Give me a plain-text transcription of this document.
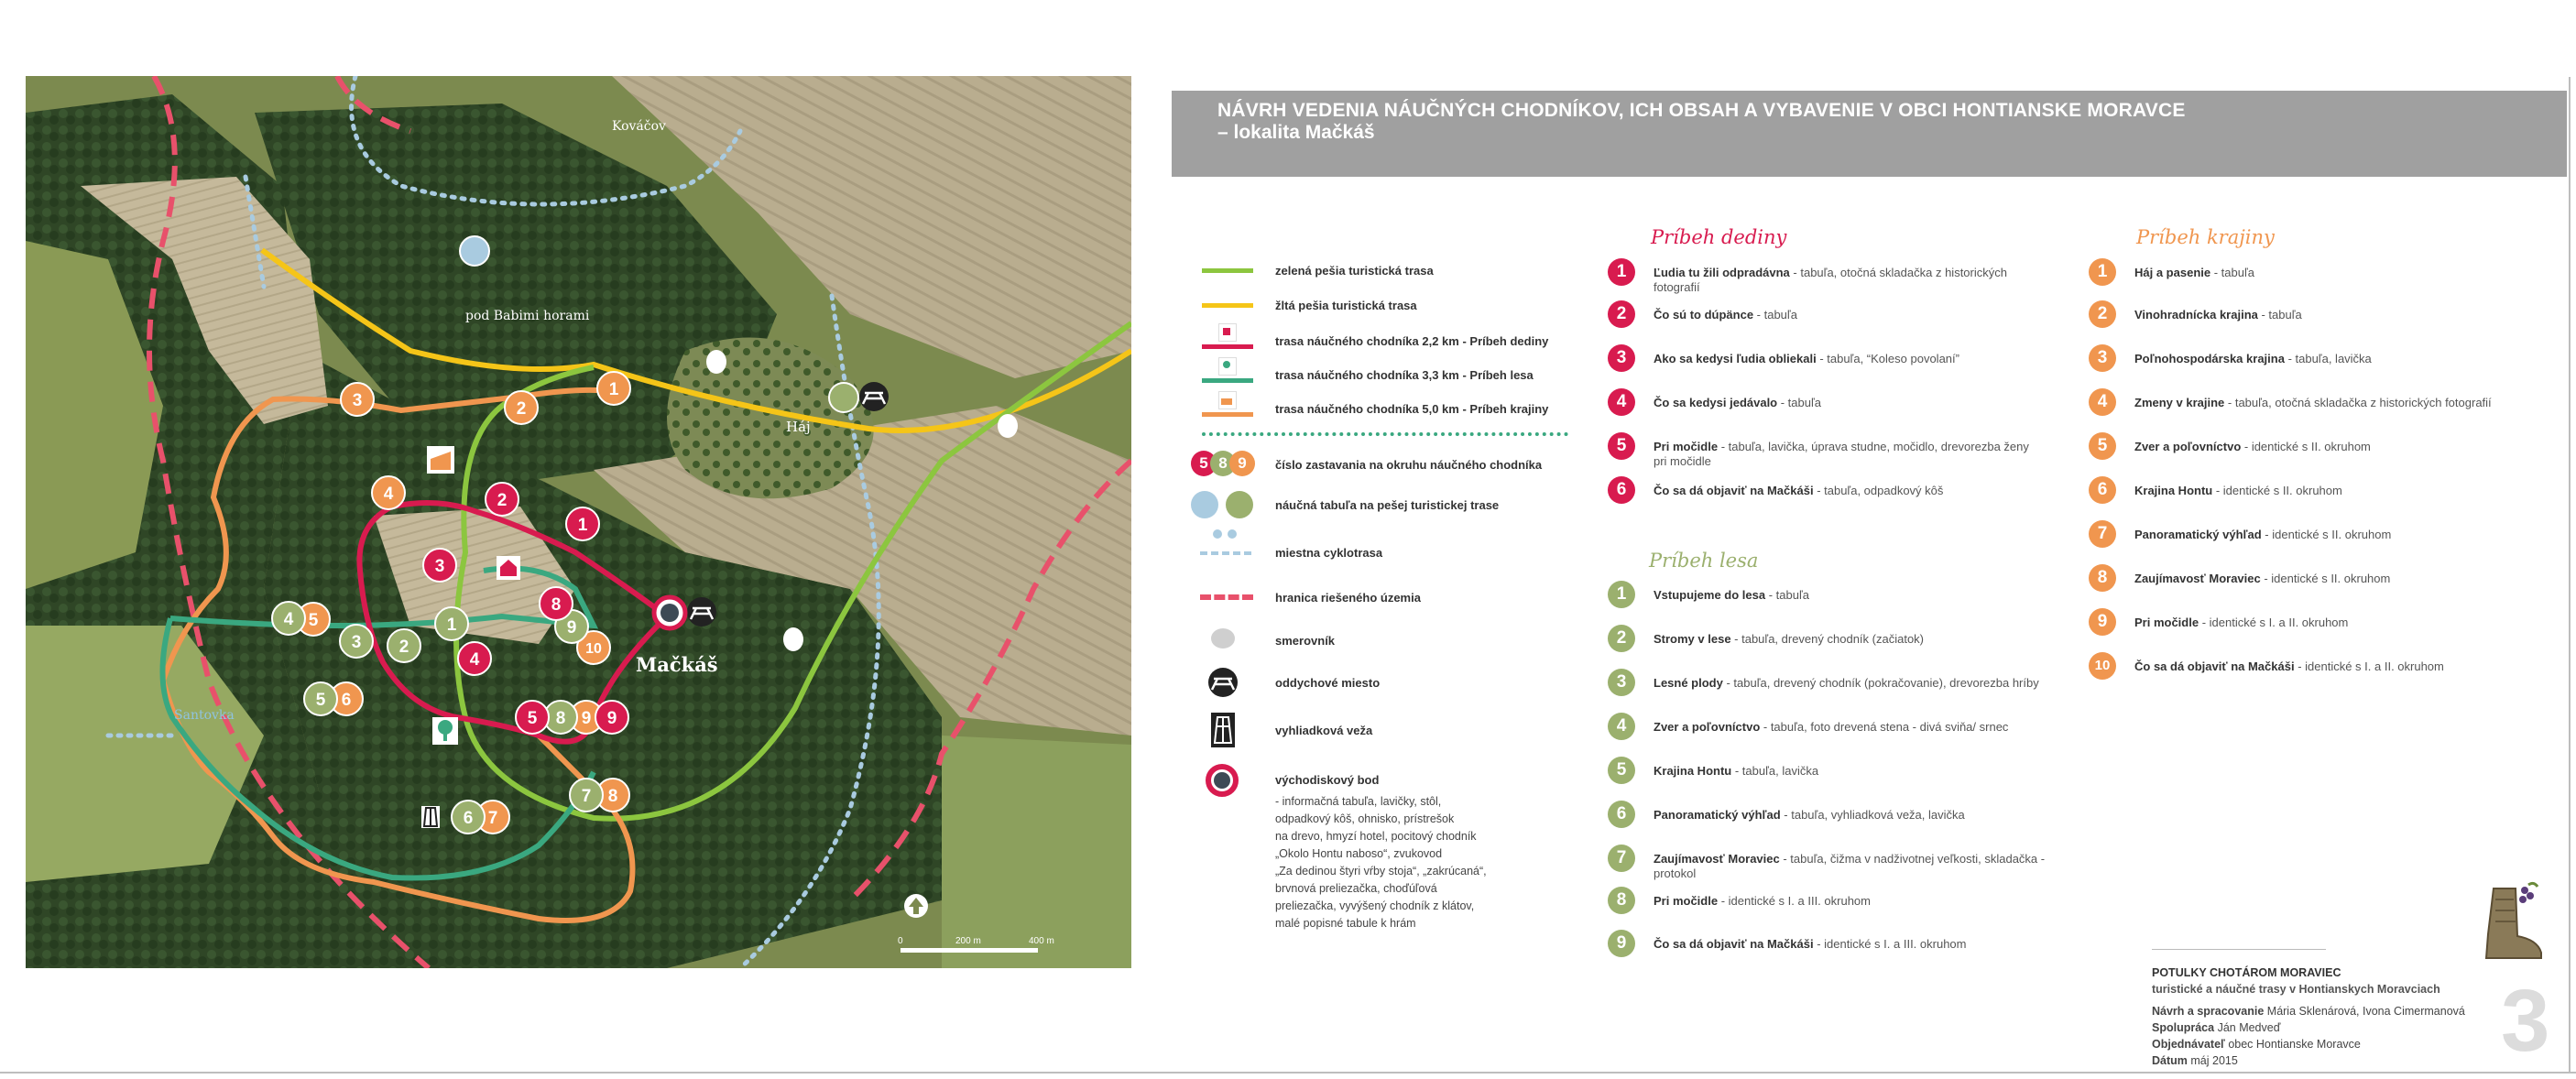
1
2
3
4
5
6
7
8
9
10
1
2
3
4
5
6
7
8
9
1
2
3
4
5
8
9
Kováčov
pod Babimi horami
Háj
Mačkáš
Santovka
0	200 m	400 m
NÁVRH VEDENIA NÁUČNÝCH CHODNÍKOV, ICH OBSAH A VYBAVENIE V OBCI HONTIANSKE MORAVCE
– lokalita Mačkáš
zelená pešia turistická trasa
žltá pešia turistická trasa
trasa náučného chodníka 2,2 km - Príbeh dediny
trasa náučného chodníka 3,3 km - Príbeh lesa
trasa náučného chodníka 5,0 km - Príbeh krajiny
5 8 9	číslo zastavania na okruhu náučného chodníka
náučná tabuľa na pešej turistickej trase
miestna cyklotrasa
hranica riešeného územia
smerovník
oddychové miesto
vyhliadková veža
východiskový bod
- informačná tabuľa, lavičky, stôl,
odpadkový kôš, ohnisko, prístrešok
na drevo, hmyzí hotel, pocitový chodník
„Okolo Hontu naboso“, zvukovod
„Za dedinou štyri vŕby stoja“, „zakrúcaná“,
brvnová preliezačka, choďúľová
preliezačka, vyvýšený chodník z klátov,
malé popisné tabule k hrám
Príbeh dediny
1	Ľudia tu žili odpradávna - tabuľa, otočná skladačka z historických
fotografií
2	Čo sú to dúpänce - tabuľa
3	Ako sa kedysi ľudia obliekali - tabuľa, “Koleso povolaní”
4	Čo sa kedysi jedávalo - tabuľa
5	Pri močidle - tabuľa, lavička, úprava studne, močidlo, drevorezba ženy
pri močidle
6	Čo sa dá objaviť na Mačkáši - tabuľa, odpadkový kôš
Príbeh lesa
1	Vstupujeme do lesa - tabuľa
2	Stromy v lese - tabuľa, drevený chodník (začiatok)
3	Lesné plody - tabuľa, drevený chodník (pokračovanie), drevorezba hríby
4	Zver a poľovníctvo - tabuľa, foto drevená stena - divá sviňa/ srnec
5	Krajina Hontu - tabuľa, lavička
6	Panoramatický výhľad - tabuľa, vyhliadková veža, lavička
7	Zaujímavosť Moraviec - tabuľa, čižma v nadživotnej veľkosti, skladačka -
protokol
8	Pri močidle - identické s I. a III. okruhom
9	Čo sa dá objaviť na Mačkáši - identické s I. a III. okruhom
Príbeh krajiny
1	Háj a pasenie - tabuľa
2	Vinohradnícka krajina - tabuľa
3	Poľnohospodárska krajina - tabuľa, lavička
4	Zmeny v krajine - tabuľa, otočná skladačka z historických fotografií
5	Zver a poľovníctvo - identické s II. okruhom
6	Krajina Hontu - identické s II. okruhom
7	Panoramatický výhľad - identické s II. okruhom
8	Zaujímavosť Moraviec - identické s II. okruhom
9	Pri močidle - identické s I. a II. okruhom
10	Čo sa dá objaviť na Mačkáši - identické s I. a II. okruhom
POTULKY CHOTÁROM MORAVIEC
turistické a náučné trasy v Hontianskych Moravciach
Návrh a spracovanie Mária Sklenárová, Ivona Cimermanová
Spolupráca Ján Medveď
Objednávateľ obec Hontianske Moravce
Dátum máj 2015	3
